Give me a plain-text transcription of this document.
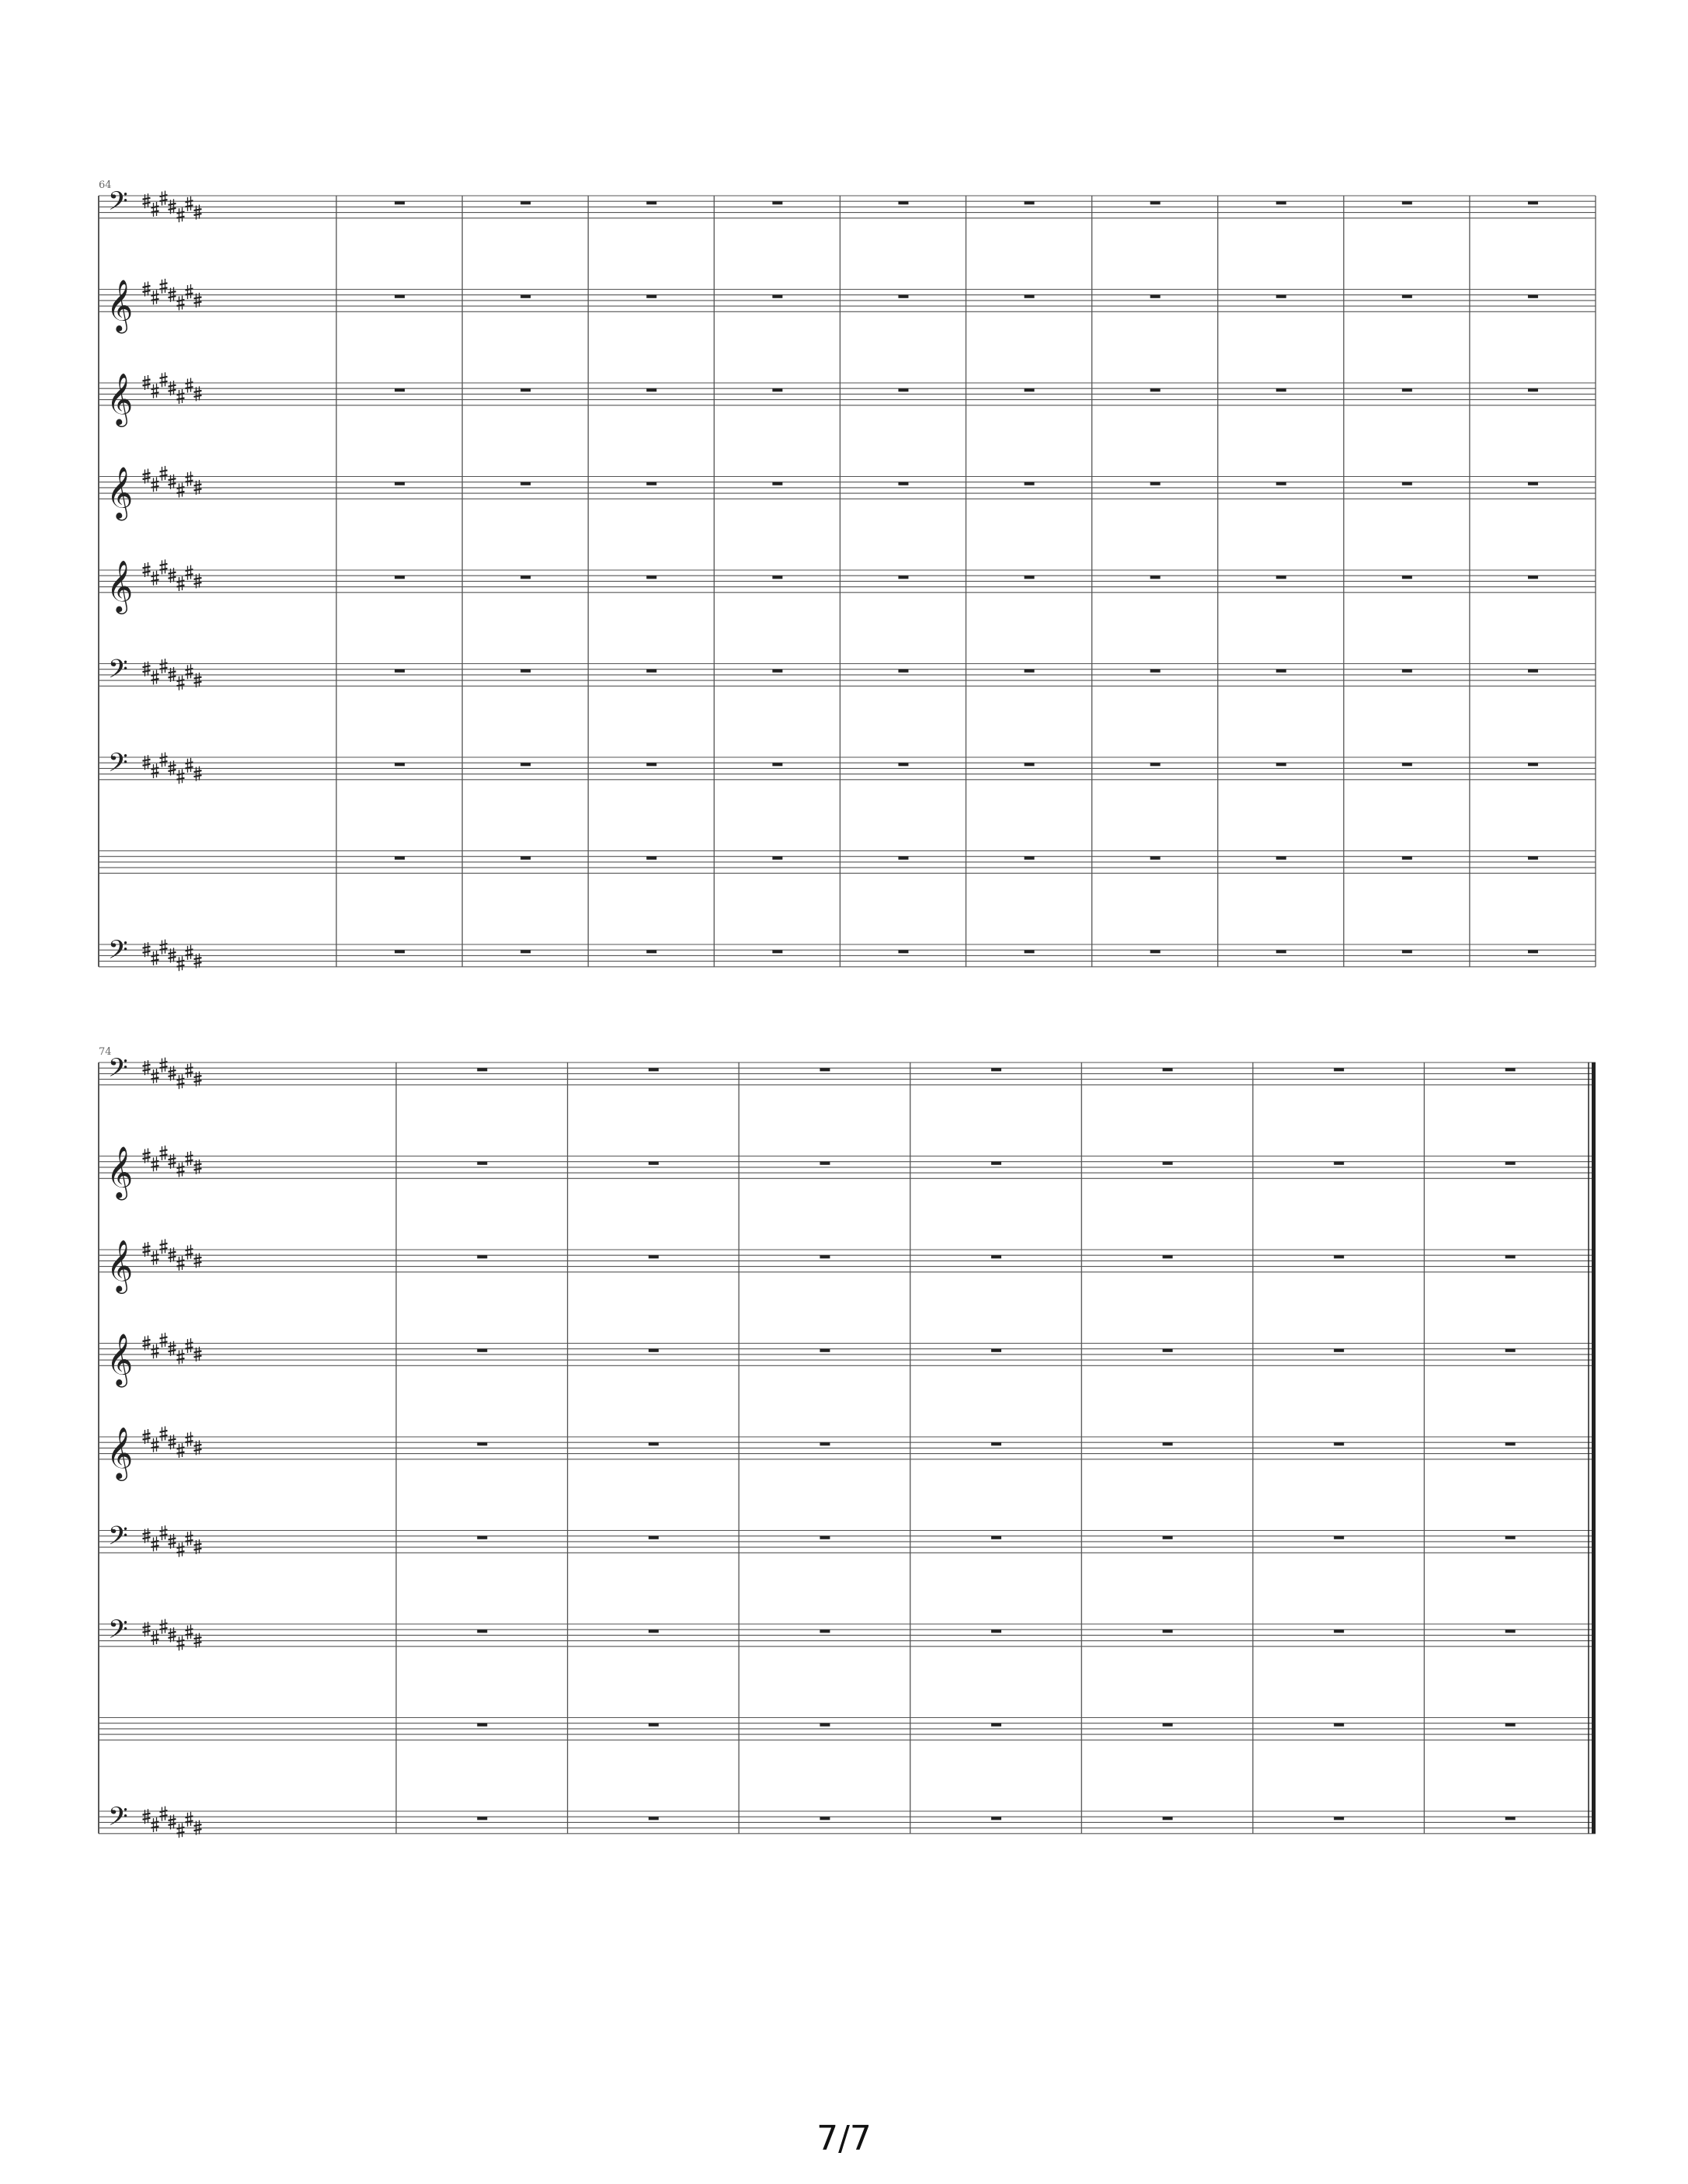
64
𝄢
𝄞
𝄞
𝄞
𝄞
𝄢
𝄢
𝄢
74
𝄢
𝄞
𝄞
𝄞
𝄞
𝄢
𝄢
𝄢
7/7
